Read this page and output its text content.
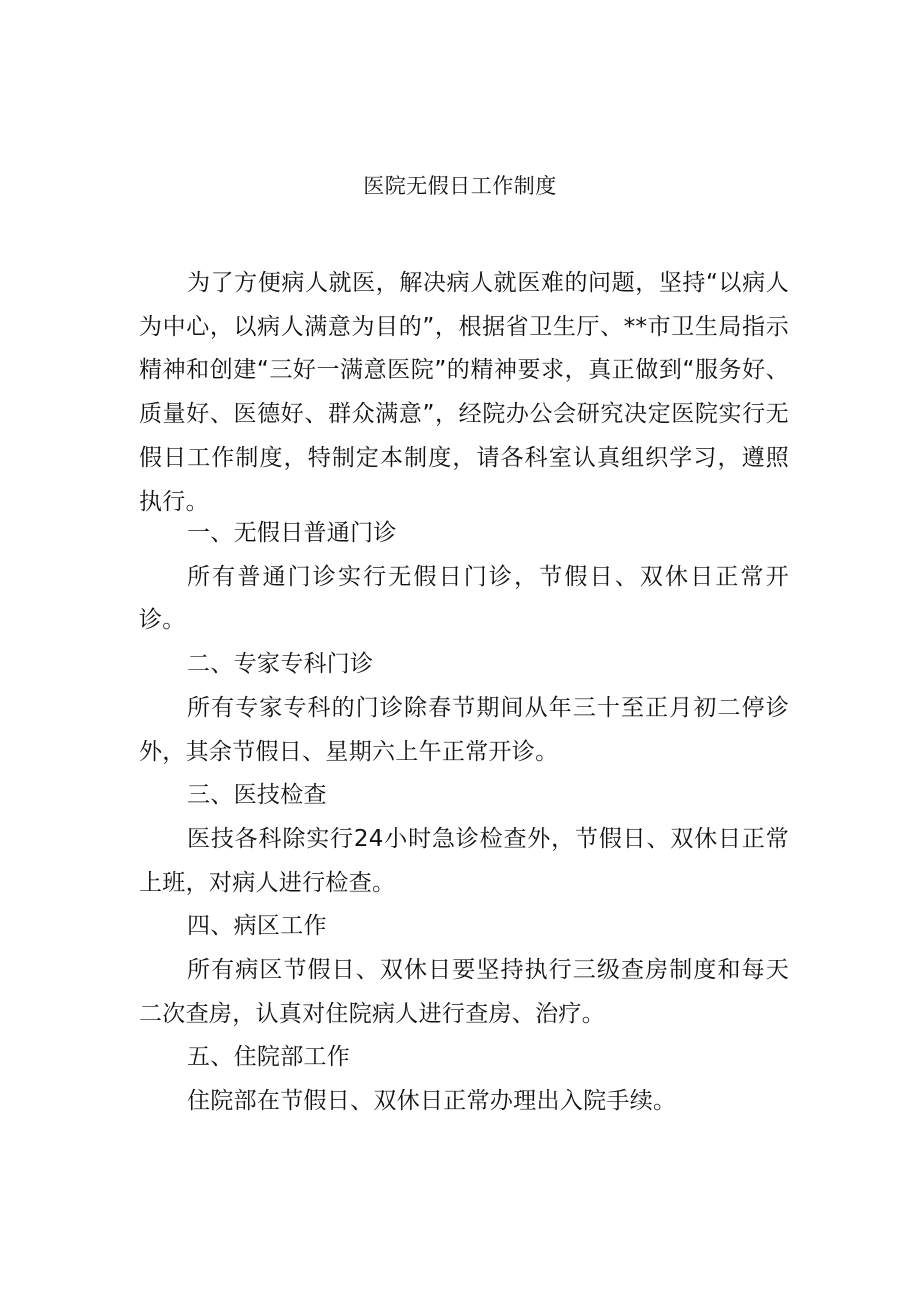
医院无假日工作制度

为了方便病人就医，解决病人就医难的问题，坚持“以病人为中心，以病人满意为目的”，根据省卫生厅、**市卫生局指示精神和创建“三好一满意医院”的精神要求，真正做到“服务好、质量好、医德好、群众满意”，经院办公会研究决定医院实行无假日工作制度，特制定本制度，请各科室认真组织学习，遵照执行。

一、无假日普通门诊

所有普通门诊实行无假日门诊，节假日、双休日正常开诊。

二、专家专科门诊

所有专家专科的门诊除春节期间从年三十至正月初二停诊外，其余节假日、星期六上午正常开诊。

三、医技检查

医技各科除实行24小时急诊检查外，节假日、双休日正常上班，对病人进行检查。

四、病区工作

所有病区节假日、双休日要坚持执行三级查房制度和每天二次查房，认真对住院病人进行查房、治疗。

五、住院部工作

住院部在节假日、双休日正常办理出入院手续。
